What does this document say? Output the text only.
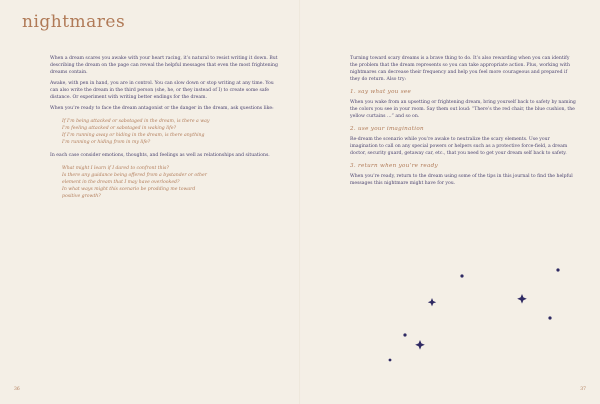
nightmares

When a dream scares you awake with your heart racing, it’s natural to resist writing it down. But describing the dream on the page can reveal the helpful messages that even the most frightening dreams contain.

Awake, with pen in hand, you are in control. You can slow down or stop writing at any time. You can also write the dream in the third person (she, he, or they instead of I) to create some safe distance. Or experiment with writing better endings for the dream.

When you’re ready to face the dream antagonist or the danger in the dream, ask questions like:

If I’m being attacked or sabotaged in the dream, is there a way
I’m feeling attacked or sabotaged in waking life?
If I’m running away or hiding in the dream, is there anything
I’m running or hiding from in my life?

In each case consider emotions, thoughts, and feelings as well as relationships and situations.

What might I learn if I dared to confront this?
Is there any guidance being offered from a bystander or other
element in the dream that I may have overlooked?
In what ways might this scenario be prodding me toward
positive growth?

Turning toward scary dreams is a brave thing to do. It’s also rewarding when you can identify the problem that the dream represents so you can take appropriate action. Plus, working with nightmares can decrease their frequency and help you feel more courageous and prepared if they do return. Also try:

1. say what you see

When you wake from an upsetting or frightening dream, bring yourself back to safety by naming the colors you see in your room. Say them out loud: “There’s the red chair, the blue cushion, the yellow curtains …” and so on.

2. use your imagination

Re-dream the scenario while you’re awake to neutralize the scary elements. Use your imagination to call on any special powers or helpers such as a protective force-field, a dream doctor, security guard, getaway car, etc., that you need to get your dream self back to safety.

3. return when you’re ready

When you’re ready, return to the dream using some of the tips in this journal to find the helpful messages this nightmare might have for you.

36	37
